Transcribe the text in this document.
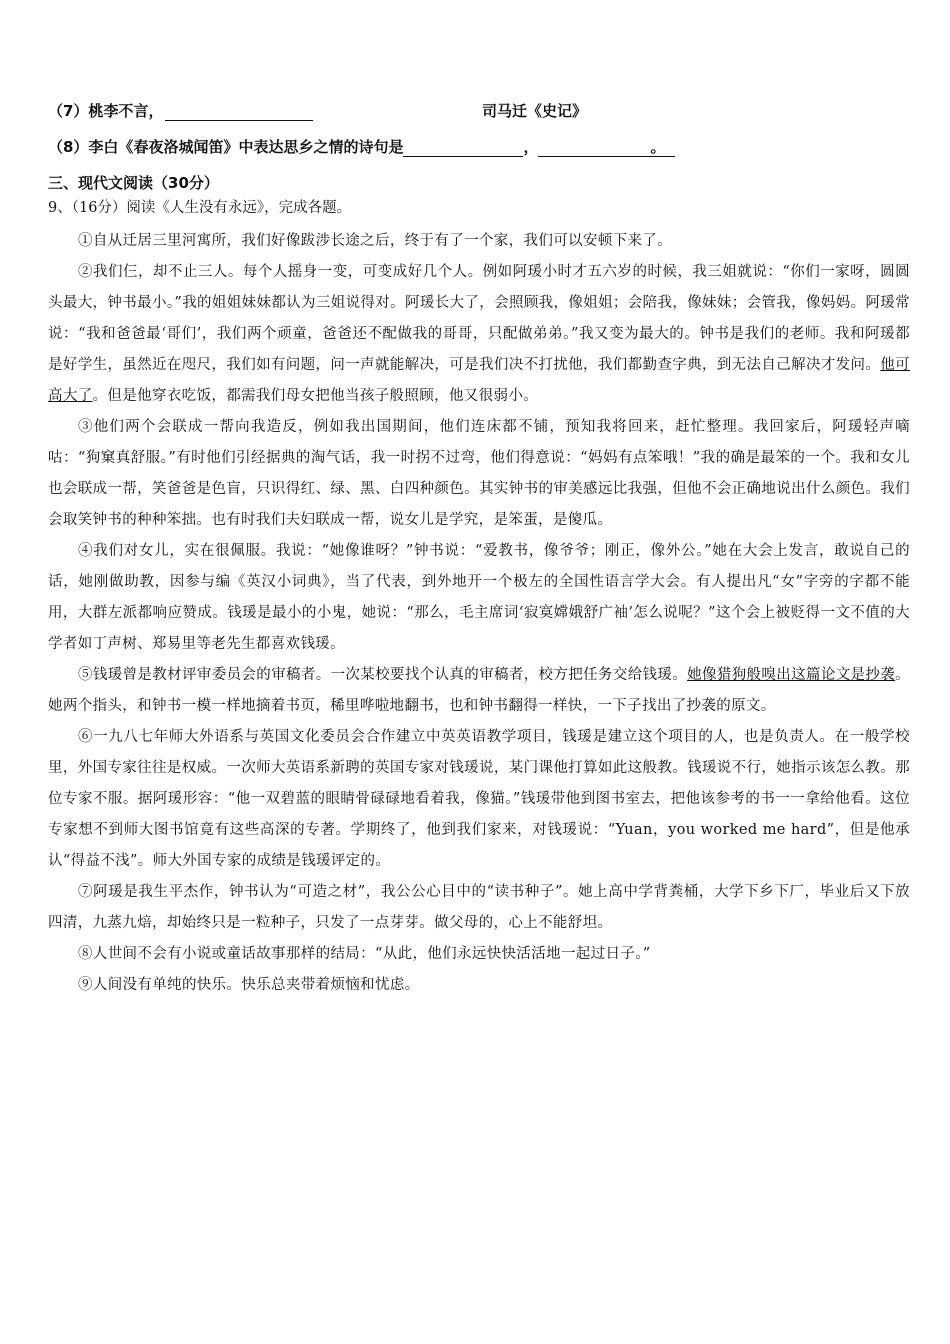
（7）桃李不言，	司马迁《史记》
（8）李白《春夜洛城闻笛》中表达思乡之情的诗句是	，	。
三、现代文阅读（30分）
9、（16分）阅读《人生没有永远》，完成各题。

①自从迁居三里河寓所，我们好像跋涉长途之后，终于有了一个家，我们可以安顿下来了。

②我们仨，却不止三人。每个人摇身一变，可变成好几个人。例如阿瑗小时才五六岁的时候，我三姐就说：“你们一家呀，圆圆头最大，钟书最小。”我的姐姐妹妹都认为三姐说得对。阿瑗长大了，会照顾我，像姐姐；会陪我，像妹妹；会管我，像妈妈。阿瑗常说：“我和爸爸最‘哥们’，我们两个顽童，爸爸还不配做我的哥哥，只配做弟弟。”我又变为最大的。钟书是我们的老师。我和阿瑗都是好学生，虽然近在咫尺，我们如有问题，问一声就能解决，可是我们决不打扰他，我们都勤查字典，到无法自己解决才发问。他可高大了。但是他穿衣吃饭，都需我们母女把他当孩子般照顾，他又很弱小。

③他们两个会联成一帮向我造反，例如我出国期间，他们连床都不铺，预知我将回来，赶忙整理。我回家后，阿瑗轻声嘀咕：“狗窠真舒服。”有时他们引经据典的淘气话，我一时拐不过弯，他们得意说：“妈妈有点笨哦！”我的确是最笨的一个。我和女儿也会联成一帮，笑爸爸是色盲，只识得红、绿、黑、白四种颜色。其实钟书的审美感远比我强，但他不会正确地说出什么颜色。我们会取笑钟书的种种笨拙。也有时我们夫妇联成一帮，说女儿是学究，是笨蛋，是傻瓜。

④我们对女儿，实在很佩服。我说：“她像谁呀？”钟书说：“爱教书，像爷爷；刚正，像外公。”她在大会上发言，敢说自己的话，她刚做助教，因参与编《英汉小词典》，当了代表，到外地开一个极左的全国性语言学大会。有人提出凡“女”字旁的字都不能用，大群左派都响应赞成。钱瑗是最小的小鬼，她说：“那么，毛主席词‘寂寞嫦娥舒广袖’怎么说呢？”这个会上被贬得一文不值的大学者如丁声树、郑易里等老先生都喜欢钱瑗。

⑤钱瑗曾是教材评审委员会的审稿者。一次某校要找个认真的审稿者，校方把任务交给钱瑗。她像猎狗般嗅出这篇论文是抄袭。她两个指头，和钟书一模一样地摘着书页，稀里哗啦地翻书，也和钟书翻得一样快，一下子找出了抄袭的原文。

⑥一九八七年师大外语系与英国文化委员会合作建立中英英语教学项目，钱瑗是建立这个项目的人，也是负责人。在一般学校里，外国专家往往是权威。一次师大英语系新聘的英国专家对钱瑗说，某门课他打算如此这般教。钱瑗说不行，她指示该怎么教。那位专家不服。据阿瑗形容：“他一双碧蓝的眼睛骨碌碌地看着我，像猫。”钱瑗带他到图书室去，把他该参考的书一一拿给他看。这位专家想不到师大图书馆竟有这些高深的专著。学期终了，他到我们家来，对钱瑗说：“Yuan，you worked me hard”，但是他承认“得益不浅”。师大外国专家的成绩是钱瑗评定的。

⑦阿瑗是我生平杰作，钟书认为“可造之材”，我公公心目中的“读书种子”。她上高中学背粪桶，大学下乡下厂，毕业后又下放四清，九蒸九焙，却始终只是一粒种子，只发了一点芽芽。做父母的，心上不能舒坦。

⑧人世间不会有小说或童话故事那样的结局：“从此，他们永远快快活活地一起过日子。”

⑨人间没有单纯的快乐。快乐总夹带着烦恼和忧虑。
